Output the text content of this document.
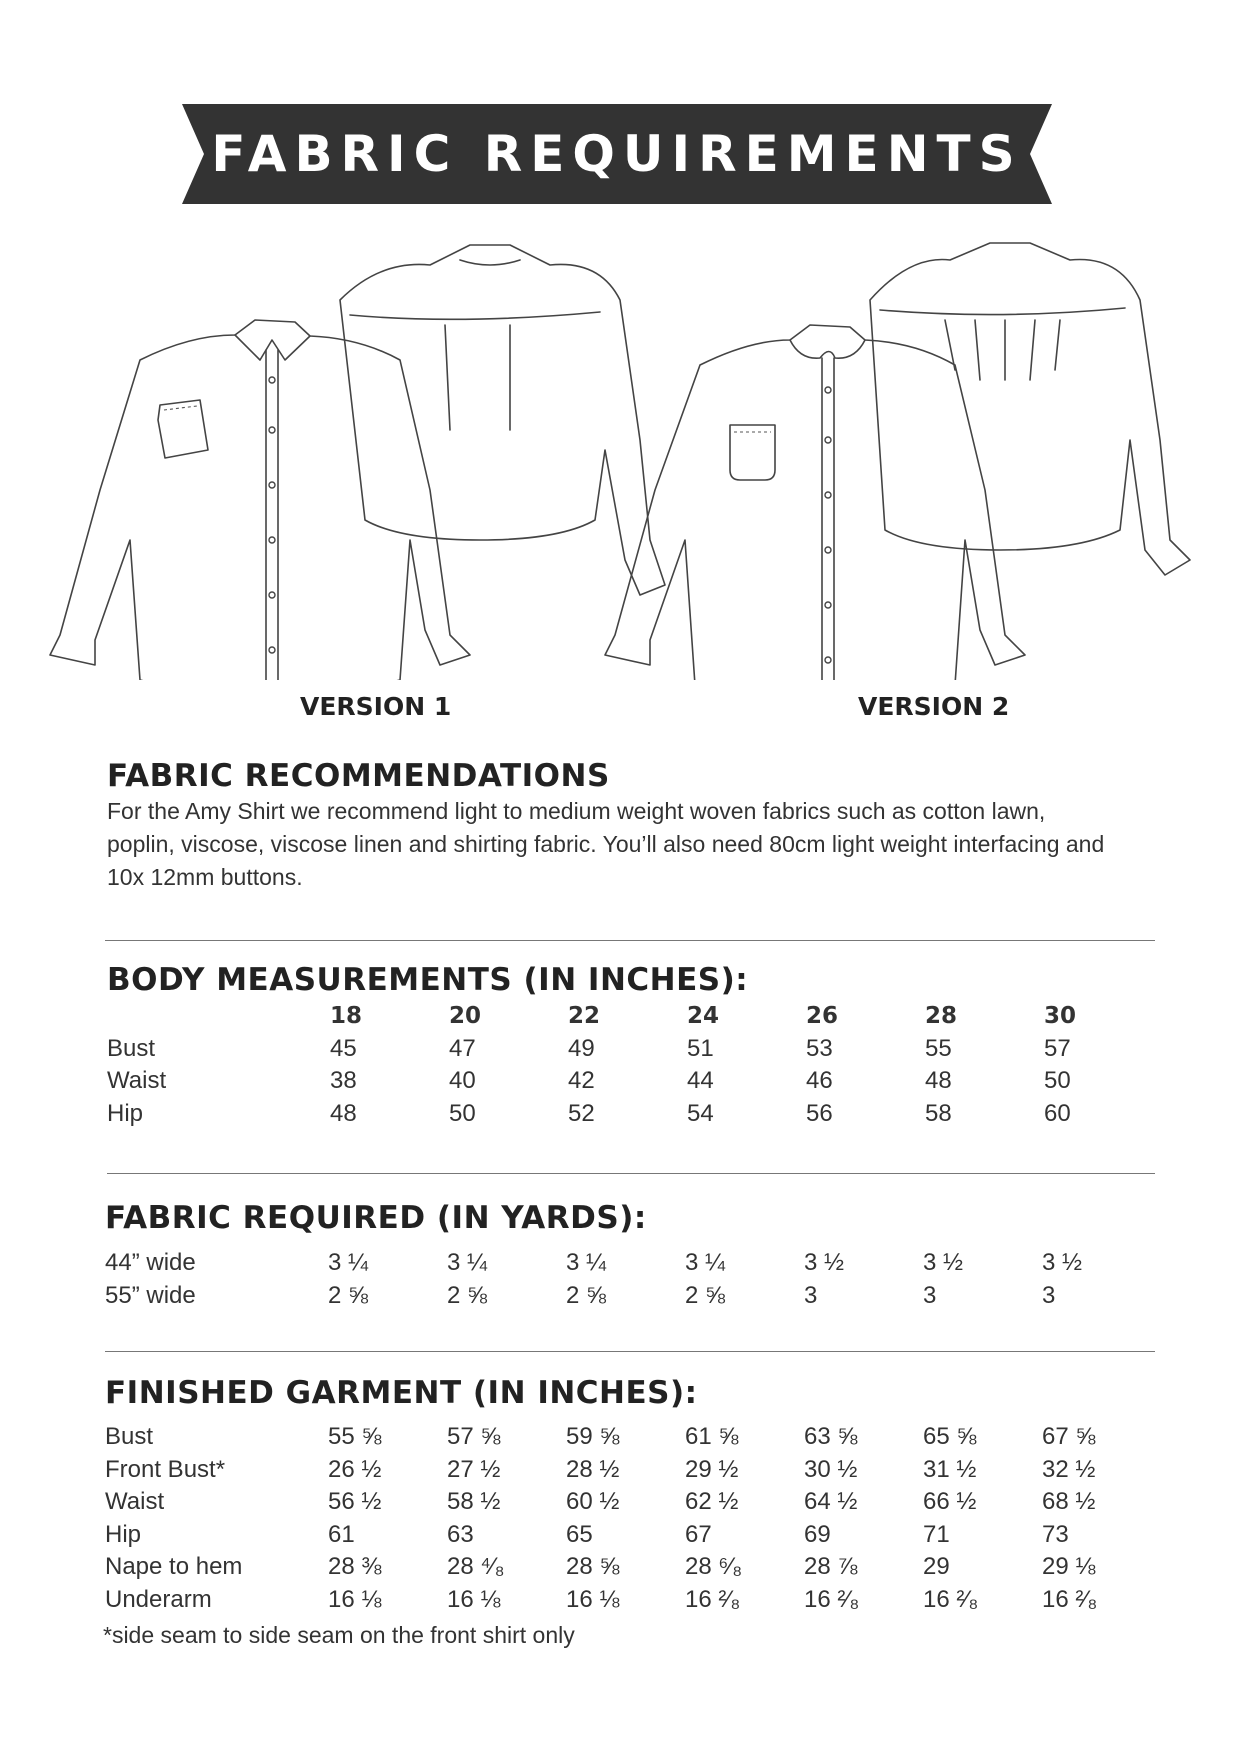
FABRIC REQUIREMENTS
VERSION 1	VERSION 2
FABRIC RECOMMENDATIONS
For the Amy Shirt we recommend light to medium weight woven fabrics such as cotton lawn,
poplin, viscose, viscose linen and shirting fabric. You’ll also need 80cm light weight interfacing and
10x 12mm buttons.
BODY MEASUREMENTS (IN INCHES):
	18	20	22	24	26	28	30
Bust	45	47	49	51	53	55	57
Waist	38	40	42	44	46	48	50
Hip	48	50	52	54	56	58	60
FABRIC REQUIRED (IN YARDS):
44” wide	3 ¼	3 ¼	3 ¼	3 ¼	3 ½	3 ½	3 ½
55” wide	2 ⅝	2 ⅝	2 ⅝	2 ⅝	3	3	3
FINISHED GARMENT (IN INCHES):
Bust	55 ⅝	57 ⅝	59 ⅝	61 ⅝	63 ⅝	65 ⅝	67 ⅝
Front Bust*	26 ½	27 ½	28 ½	29 ½	30 ½	31 ½	32 ½
Waist	56 ½	58 ½	60 ½	62 ½	64 ½	66 ½	68 ½
Hip	61	63	65	67	69	71	73
Nape to hem	28 ⅜	28 ⁴⁄₈	28 ⅝	28 ⁶⁄₈	28 ⅞	29	29 ⅛
Underarm	16 ⅛	16 ⅛	16 ⅛	16 ²⁄₈	16 ²⁄₈	16 ²⁄₈	16 ²⁄₈
*side seam to side seam on the front shirt only
